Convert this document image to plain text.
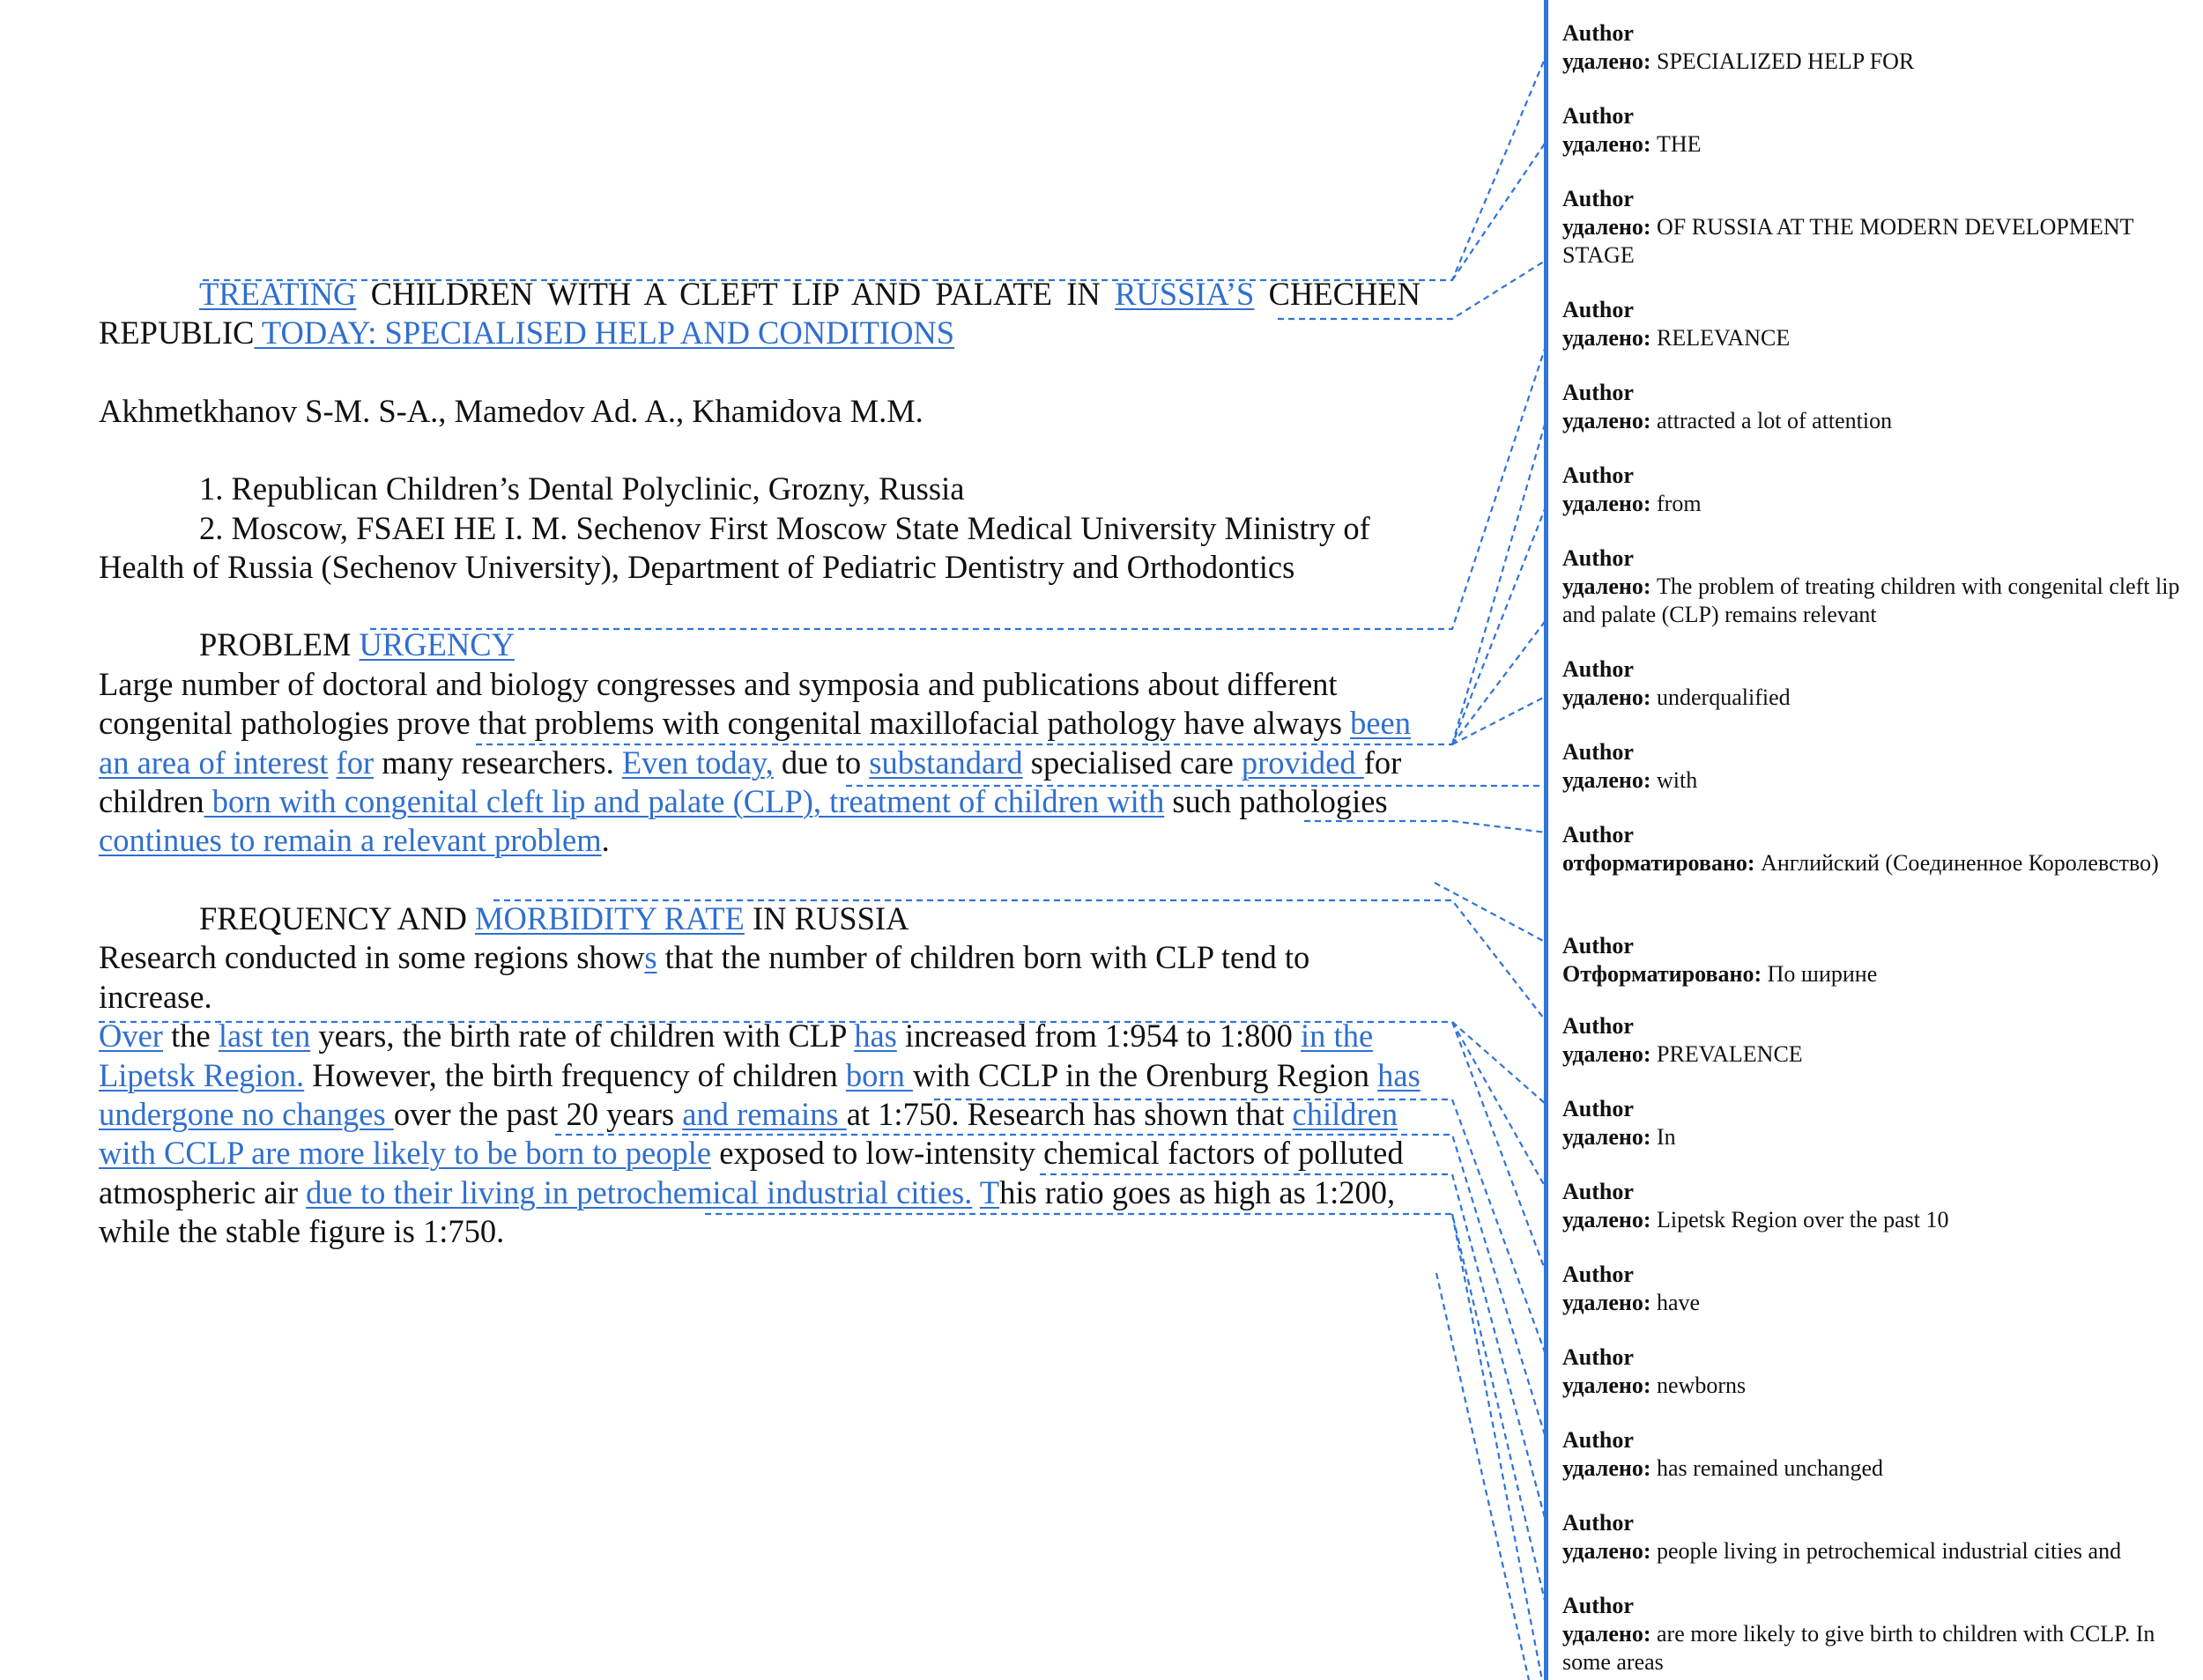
TREATING CHILDREN WITH A CLEFT LIP AND PALATE IN RUSSIA’S CHECHEN REPUBLIC TODAY: SPECIALISED HELP AND CONDITIONS

Akhmetkhanov S-M. S-A., Mamedov Ad. A., Khamidova M.M.

1. Republican Children’s Dental Polyclinic, Grozny, Russia

2. Moscow, FSAEI HE I. M. Sechenov First Moscow State Medical University Ministry of Health of Russia (Sechenov University), Department of Pediatric Dentistry and Orthodontics

PROBLEM URGENCY

Large number of doctoral and biology congresses and symposia and publications about different congenital pathologies prove that problems with congenital maxillofacial pathology have always been an area of interest for many researchers. Even today, due to substandard specialised care provided for children born with congenital cleft lip and palate (CLP), treatment of children with such pathologies continues to remain a relevant problem.

FREQUENCY AND MORBIDITY RATE IN RUSSIA

Research conducted in some regions shows that the number of children born with CLP tend to increase.

Over the last ten years, the birth rate of children with CLP has increased from 1:954 to 1:800 in the Lipetsk Region. However, the birth frequency of children born with CCLP in the Orenburg Region has undergone no changes over the past 20 years and remains at 1:750. Research has shown that children with CCLP are more likely to be born to people exposed to low-intensity chemical factors of polluted atmospheric air due to their living in petrochemical industrial cities. This ratio goes as high as 1:200, while the stable figure is 1:750.

Author
удалено: SPECIALIZED HELP FOR
Author
удалено: THE
Author
удалено: OF RUSSIA AT THE MODERN DEVELOPMENT STAGE
Author
удалено: RELEVANCE
Author
удалено: attracted a lot of attention
Author
удалено: from
Author
удалено: The problem of treating children with congenital cleft lip and palate (CLP) remains relevant
Author
удалено: underqualified
Author
удалено: with
Author
отформатировано: Английский (Соединенное Королевство)
Author
Отформатировано: По ширине
Author
удалено: PREVALENCE
Author
удалено: In
Author
удалено: Lipetsk Region over the past 10
Author
удалено: have
Author
удалено: newborns
Author
удалено: has remained unchanged
Author
удалено: people living in petrochemical industrial cities and
Author
удалено: are more likely to give birth to children with CCLP. In some areas
